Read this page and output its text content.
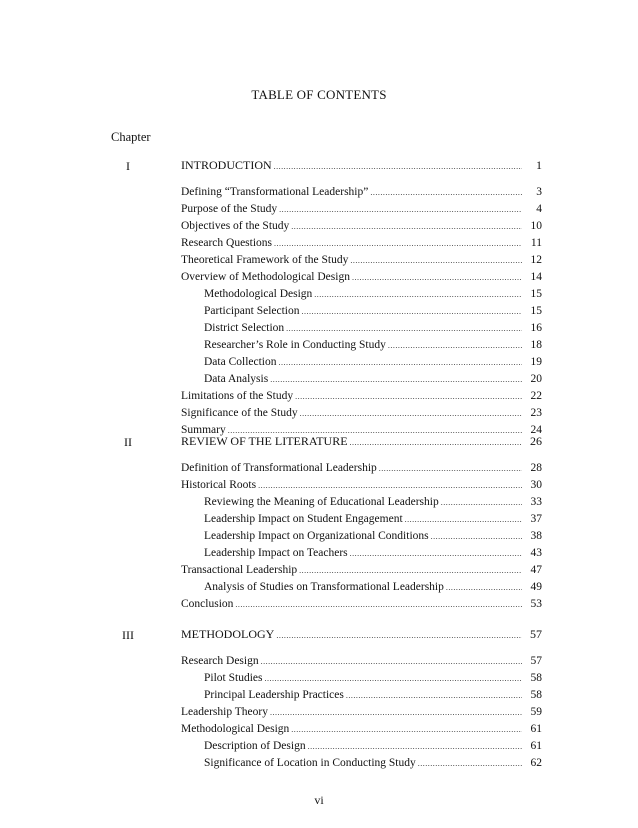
TABLE OF CONTENTS
Chapter
I	INTRODUCTION .....	1
Defining “Transformational Leadership” .....	3
Purpose of the Study .....	4
Objectives of the Study .....	10
Research Questions .....	11
Theoretical Framework of the Study .....	12
Overview of Methodological Design .....	14
Methodological Design .....	15
Participant Selection .....	15
District Selection .....	16
Researcher’s Role in Conducting Study .....	18
Data Collection .....	19
Data Analysis .....	20
Limitations of the Study .....	22
Significance of the Study .....	23
Summary .....	24
II	REVIEW OF THE LITERATURE .....	26
Definition of Transformational Leadership .....	28
Historical Roots .....	30
Reviewing the Meaning of Educational Leadership .....	33
Leadership Impact on Student Engagement .....	37
Leadership Impact on Organizational Conditions .....	38
Leadership Impact on Teachers .....	43
Transactional Leadership .....	47
Analysis of Studies on Transformational Leadership .....	49
Conclusion .....	53
III	METHODOLOGY .....	57
Research Design .....	57
Pilot Studies .....	58
Principal Leadership Practices .....	58
Leadership Theory .....	59
Methodological Design .....	61
Description of Design .....	61
Significance of Location in Conducting Study .....	62
vi
